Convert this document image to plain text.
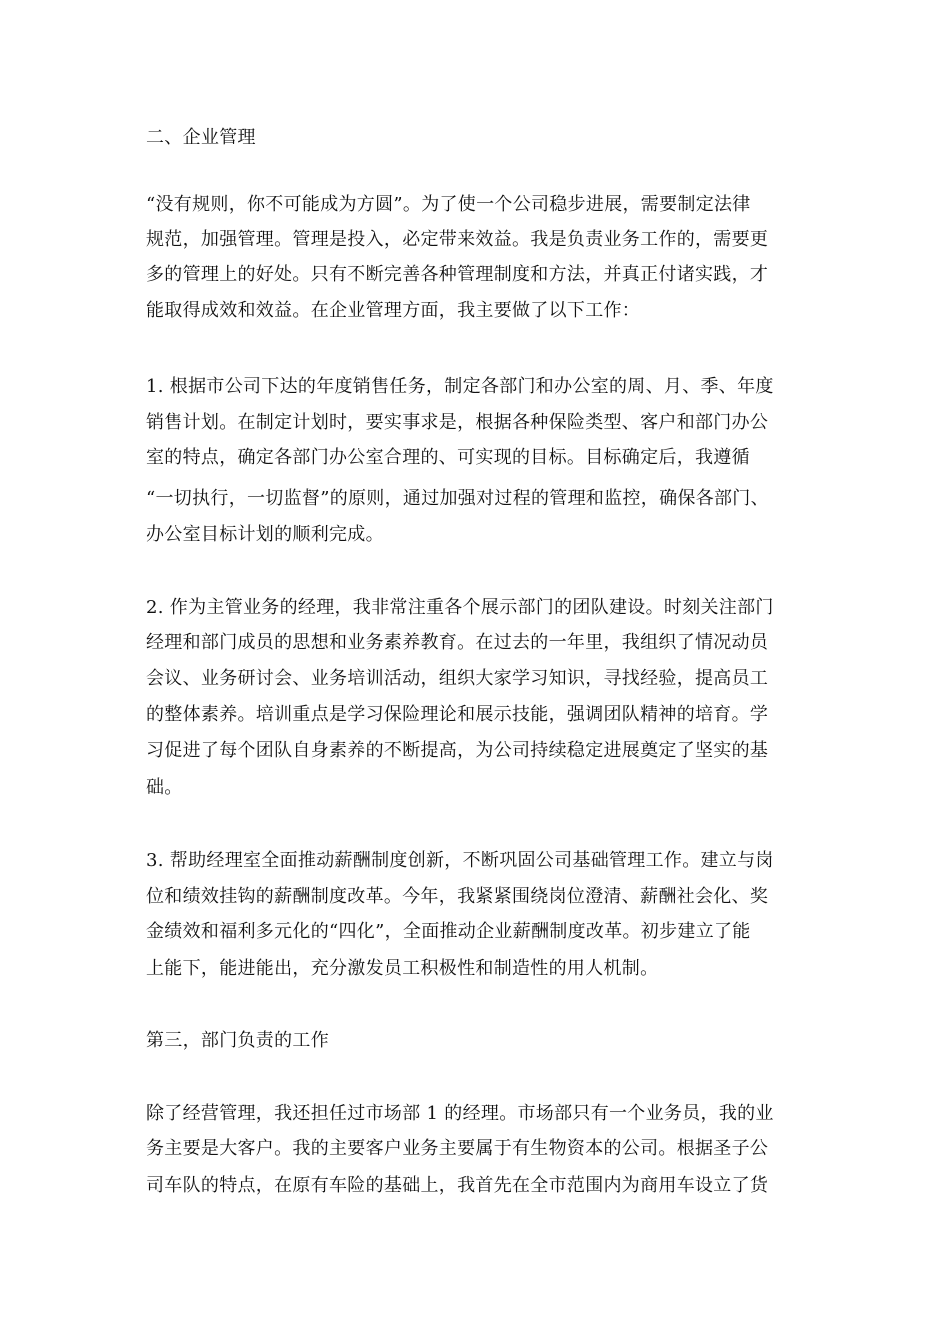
二、企业管理
“没有规则，你不可能成为方圆”。为了使一个公司稳步进展，需要制定法律
规范，加强管理。管理是投入，必定带来效益。我是负责业务工作的，需要更
多的管理上的好处。只有不断完善各种管理制度和方法，并真正付诸实践，才
能取得成效和效益。在企业管理方面，我主要做了以下工作：
1. 根据市公司下达的年度销售任务，制定各部门和办公室的周、月、季、年度
销售计划。在制定计划时，要实事求是，根据各种保险类型、客户和部门办公
室的特点，确定各部门办公室合理的、可实现的目标。目标确定后，我遵循
“一切执行，一切监督”的原则，通过加强对过程的管理和监控，确保各部门、
办公室目标计划的顺利完成。
2. 作为主管业务的经理，我非常注重各个展示部门的团队建设。时刻关注部门
经理和部门成员的思想和业务素养教育。在过去的一年里，我组织了情况动员
会议、业务研讨会、业务培训活动，组织大家学习知识，寻找经验，提高员工
的整体素养。培训重点是学习保险理论和展示技能，强调团队精神的培育。学
习促进了每个团队自身素养的不断提高，为公司持续稳定进展奠定了坚实的基
础。
3. 帮助经理室全面推动薪酬制度创新，不断巩固公司基础管理工作。建立与岗
位和绩效挂钩的薪酬制度改革。今年，我紧紧围绕岗位澄清、薪酬社会化、奖
金绩效和福利多元化的“四化”，全面推动企业薪酬制度改革。初步建立了能
上能下，能进能出，充分激发员工积极性和制造性的用人机制。
第三，部门负责的工作
除了经营管理，我还担任过市场部 1 的经理。市场部只有一个业务员，我的业
务主要是大客户。我的主要客户业务主要属于有生物资本的公司。根据圣子公
司车队的特点，在原有车险的基础上，我首先在全市范围内为商用车设立了货
